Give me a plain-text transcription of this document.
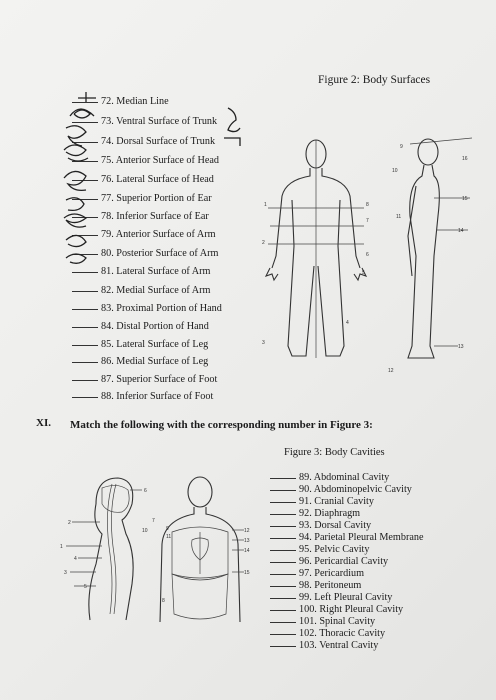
Figure 2: Body Surfaces
72. Median Line
73. Ventral Surface of Trunk
74. Dorsal Surface of Trunk
75. Anterior Surface of Head
76. Lateral Surface of Head
77. Superior Portion of Ear
78. Inferior Surface of Ear
79. Anterior Surface of Arm
80. Posterior Surface of Arm
81. Lateral Surface of Arm
82. Medial Surface of Arm
83. Proximal Portion of Hand
84. Distal Portion of Hand
85. Lateral Surface of Leg
86. Medial Surface of Leg
87. Superior Surface of Foot
88. Inferior Surface of Foot
1
2
3
4
5
6
7
8
9
10
11
12
13
14
15
16
XI. Match the following with the corresponding number in Figure 3:
Figure 3: Body Cavities
2
1
4
3
5
6
7
8
9
10
11
12
13
14
15
89. Abdominal Cavity
90. Abdominopelvic Cavity
91. Cranial Cavity
92. Diaphragm
93. Dorsal Cavity
94. Parietal Pleural Membrane
95. Pelvic Cavity
96. Pericardial Cavity
97. Pericardium
98. Peritoneum
99. Left Pleural Cavity
100. Right Pleural Cavity
101. Spinal Cavity
102. Thoracic Cavity
103. Ventral Cavity
